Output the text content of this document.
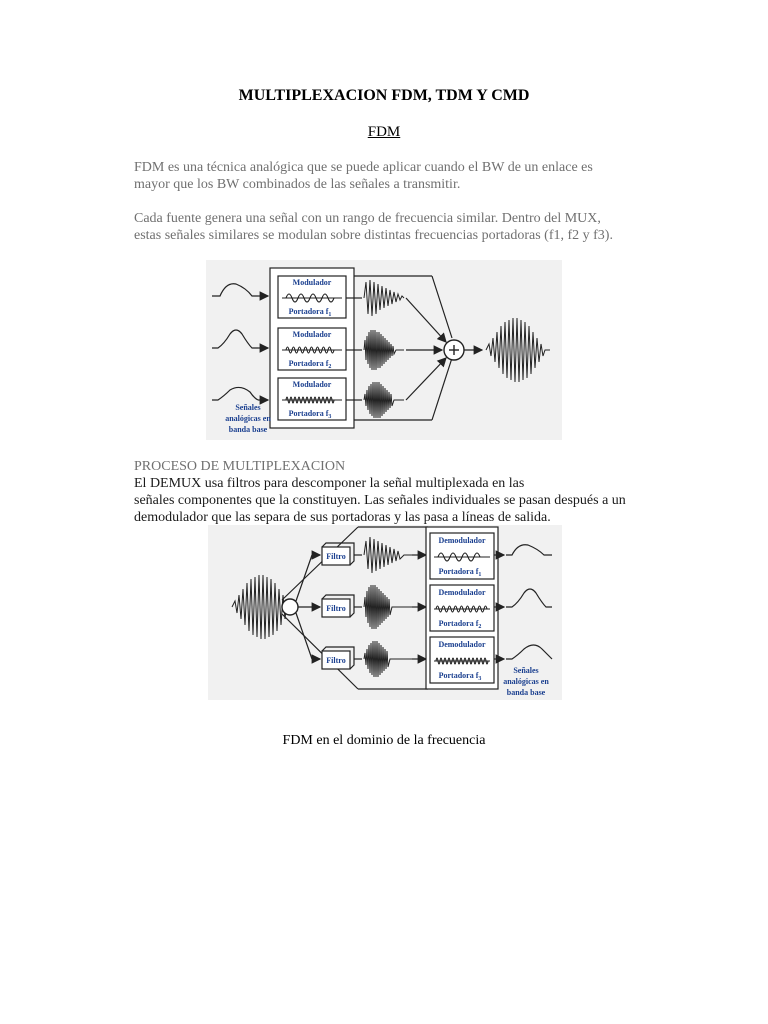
MULTIPLEXACION FDM, TDM Y CMD
FDM
FDM es una técnica analógica que se puede aplicar cuando el BW de un enlace es
mayor que los BW combinados de las señales a transmitir.
Cada fuente genera una señal con un rango de frecuencia similar. Dentro del MUX,
estas señales similares se modulan sobre distintas frecuencias portadoras (f1, f2 y f3).
Modulador
Modulador
Modulador
Portadora $f_1$
Portadora $f_2$
Portadora $f_3$
Señales
analógicas en
banda base
PROCESO DE MULTIPLEXACION
El DEMUX usa filtros para descomponer la señal multiplexada en las
señales componentes que la constituyen. Las señales individuales se pasan después a un
demodulador que las separa de sus portadoras y las pasa a líneas de salida.
Filtro
Filtro
Filtro
Demodulador
Demodulador
Demodulador
Portadora $f_1$
Portadora $f_2$
Portadora $f_3$
Señales
analógicas en
banda base
FDM en el dominio de la frecuencia
